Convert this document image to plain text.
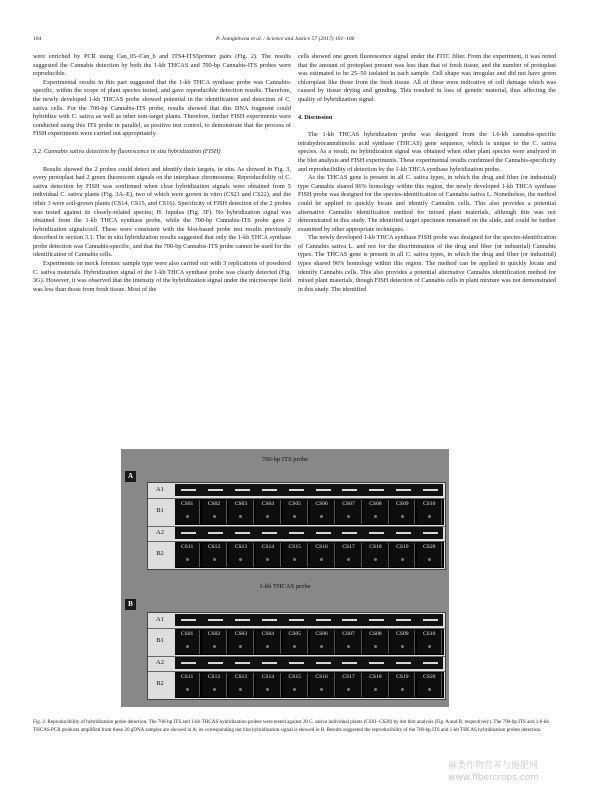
104	P. Jeangkhwoa et al. / Science and Justice 57 (2017) 101–106

were enriched by PCR using Can_05–Can_b and ITS4-ITS5primer pairs (Fig. 2). The results suggested the Cannabis detection by both the 1-kb THCAS and 700-bp Cannabis-ITS probes were reproducible.

Experimental results in this part suggested that the 1-kb THCA synthase probe was Cannabis-specific, within the scope of plant species tested, and gave reproducible detection results. Therefore, the newly developed 1-kb THCAS probe showed potential in the identification and detection of C. sativa cells. For the 700-bp Cannabis-ITS probe, results showed that this DNA fragment could hybridize with C. sativa as well as other non-target plants. Therefore, further FISH experiments were conducted using this ITS probe in parallel, as positive test control, to demonstrate that the process of FISH experiments were carried out appropriately.

3.2. Cannabis sativa detection by fluorescence in situ hybridization (FISH)

Results showed the 2 probes could detect and identify their targets, in situ. As showed in Fig. 3, every protoplast had 2 green fluorescent signals on the interphase chromosome. Reproducibility of C. sativa detection by FISH was confirmed when clear hybridization signals were obtained from 5 individual C. sativa plants (Fig. 3A–E), two of which were grown in vitro (CS21 and CS22), and the other 3 were soil-grown plants (CS14, CS15, and CS16). Specificity of FISH detection of the 2 probes was tested against its closely-related species; H. lupulus (Fig. 3F). No hybridization signal was obtained from the 1-kb THCA synthase probe, while the 700-bp Cannabis-ITS probe gave 2 hybridization signals/cell. These were consistent with the blot-based probe test results previously described in section 3.1. The in situ hybridization results suggested that only the 1-kb THCA synthase probe detection was Cannabis-specific, and that the 700-bp Cannabis-ITS probe cannot be used for the identification of Cannabis cells.

Experiments on mock forensic sample type were also carried out with 3 replications of powdered C. sativa materials. Hybridization signal of the 1-kb THCA synthase probe was clearly detected (Fig. 3G). However, it was observed that the intensity of the hybridization signal under the microscope field was less than those from fresh tissue. Most of the

cells showed one green fluorescence signal under the FITC filter. From the experiment, it was noted that the amount of protoplast present was less than that of fresh tissue, and the number of protoplast was estimated to be 25–50 isolated in each sample. Cell shape was irregular and did not have green chloroplast like those from the fresh tissue. All of these were indicative of cell damage which was caused by tissue drying and grinding. This resulted in loss of genetic material, thus affecting the quality of hybridization signal.

4. Discussion

The 1-kb THCAS hybridization probe was designed from the 1.6-kb cannabis-specific tetrahydrocannabinolic acid synthase (THCAS) gene sequence, which is unique to the C. sativa species. As a result, no hybridization signal was obtained when other plant species were analyzed in the blot analysis and FISH experiments. These experimental results confirmed the Cannabis-specificity and reproducibility of detection by the 1-kb THCA synthase hybridization probe.

As the THCAS gene is present in all C. sativa types, in which the drug and fiber (or industrial) type Cannabis shared 96% homology within this region, the newly developed 1-kb THCA synthase FISH probe was designed for the species-identification of Cannabis sativa L. Nonetheless, the method could be applied to quickly locate and identify Cannabis cells. This also provides a potential alternative Cannabis identification method for mixed plant materials, although this was not demonstrated in this study. The identified target specimen remained on the slide, and could be further examined by other appropriate techniques.

The newly developed 1-kb THCA synthase FISH probe was designed for the species-identification of Cannabis sativa L. and not for the discrimination of the drug and fiber (or industrial) Cannabis types. The THCAS gene is present in all C. sativa types, in which the drug and fiber (or industrial) types shared 96% homology within this region. The method can be applied to quickly locate and identify Cannabis cells. This also provides a potential alternative Cannabis identification method for mixed plant materials, though FISH detection of Cannabis cells in plant mixture was not demonstrated in this study. The identified

700-bp ITS probe
A
A1
B1
CS01	CS02	CS03	CS04	CS05	CS06	CS07	CS08	CS09	CS10
A2
B2
CS11	CS12	CS13	CS14	CS15	CS16	CS17	CS18	CS19	CS20
1-kb THCAS probe
B
A1
B1
CS01	CS02	CS03	CS04	CS05	CS06	CS07	CS08	CS09	CS10
A2
B2
CS11	CS12	CS13	CS14	CS15	CS16	CS17	CS18	CS19	CS20
Fig. 2. Reproducibility of hybridization probe detection. The 700-bp ITS and 1-kb THCAS hybridization probes were tested against 20 C. sativa individual plants (CS01–CS20) by dot blot analysis (Fig. A and B, respectively). The 700-bp ITS and 1.6-kb THCAS PCR products amplified from these 20 gDNA samples are showed in A; its corresponding dot blot hybridization signal is showed in B. Results suggested the reproducibility of the 700-bp ITS and 1-kb THCAS hybridization probes detection.
麻类作物营养与施肥网
www.fibercrops.com
